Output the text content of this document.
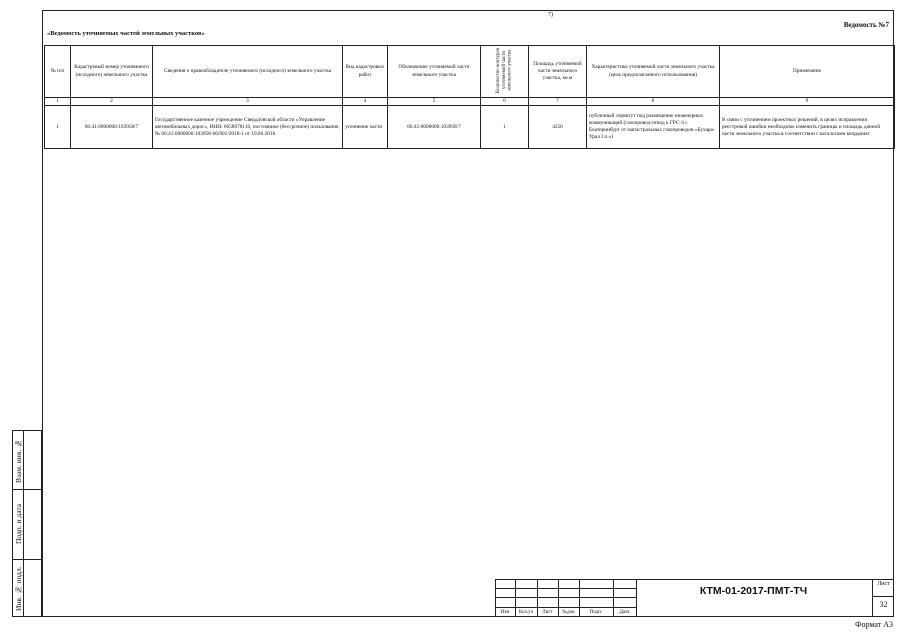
7)
Ведомость №7
«Ведомость уточняемых частей земельных участков»
№ п/п	Кадастровый номер уточняемого (исходного) земельного участка	Сведения о правообладателе уточняемого (исходного) земельного участка	Вид кадастровых работ	Обозначение уточняемой части земельного участка	Количество контуров уточняемой части земельного участка	Площадь уточняемой части земельного участка, кв.м	Характеристика уточняемой части земельного участка (цель предполагаемого использования)	Примечание
1	2	3	4	5	6	7	8	9
1	66:41:0000000:103958/7	Государственное казенное учреждение Свердловской области «Управление автомобильных дорог», ИНН: 6658078110, постоянное (бессрочное) пользование, № 66:41:0000000:103958-66/001/2018-1 от 19.06.2018	уточнение части	66:41:0000000:103958/7	1	4250	публичный сервитут под размещение инженерных коммуникаций (газопровод-отвод к ГРС-3 г. Екатеринбург от магистральных газопроводов «Бухара-Урал I п.»)	В связи с уточнением проектных решений, в целях исправления реестровой ошибки необходимо изменить границы и площадь данной части земельного участка в соответствии с каталогами координат
Взам. инв. №
Подп. и дата
Инв. № подл.
Изм	Кол.уч	Лист	№док	Подп.	Дата
КТМ-01-2017-ПМТ-ТЧ
Лист
32
Формат А3
